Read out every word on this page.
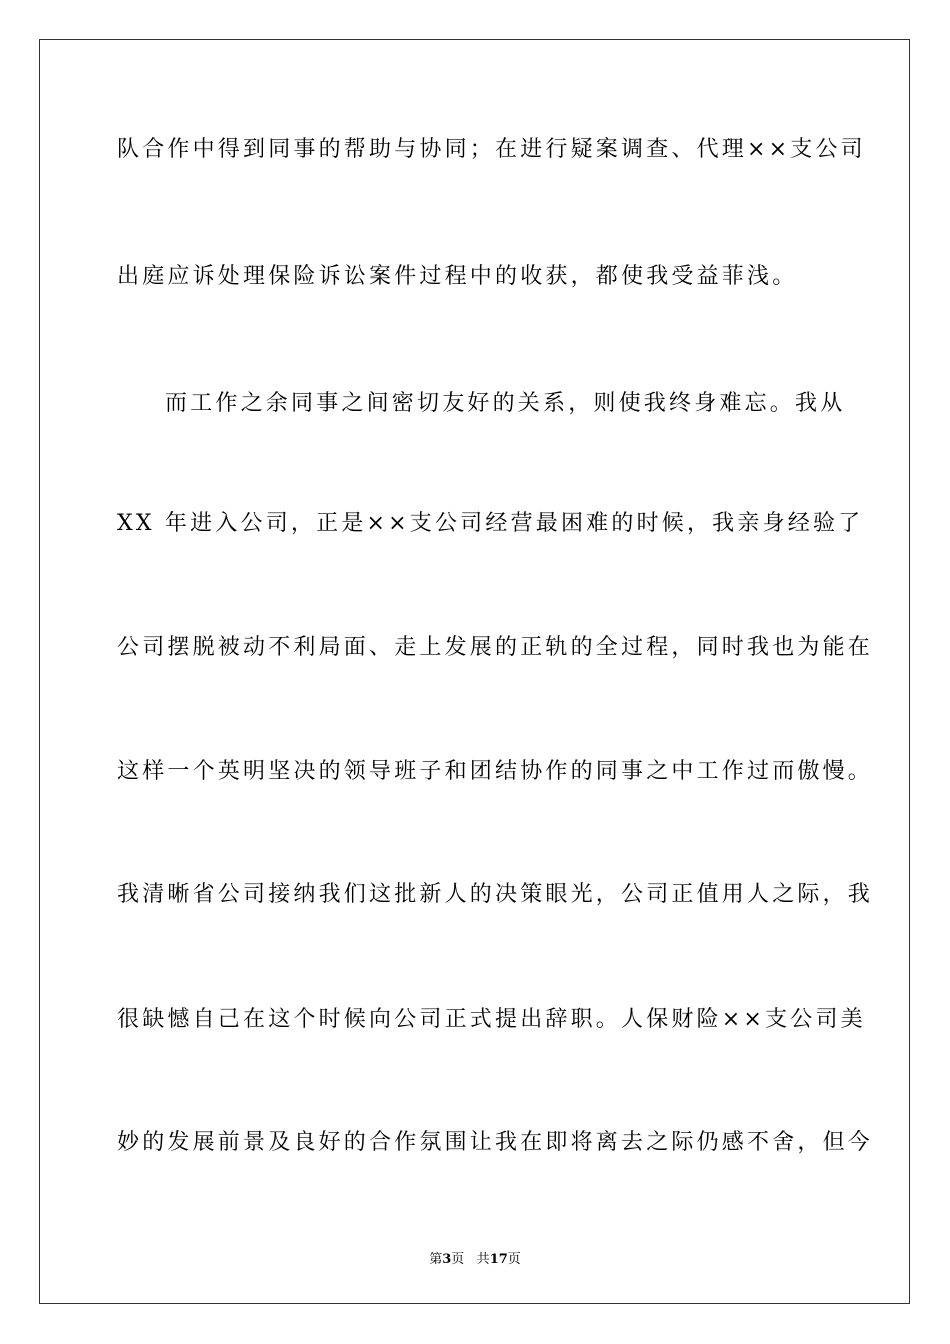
队合作中得到同事的帮助与协同；在进行疑案调查、代理××支公司
出庭应诉处理保险诉讼案件过程中的收获，都使我受益菲浅。
而工作之余同事之间密切友好的关系，则使我终身难忘。我从
XX 年进入公司，正是××支公司经营最困难的时候，我亲身经验了
公司摆脱被动不利局面、走上发展的正轨的全过程，同时我也为能在
这样一个英明坚决的领导班子和团结协作的同事之中工作过而傲慢。
我清晰省公司接纳我们这批新人的决策眼光，公司正值用人之际，我
很缺憾自己在这个时候向公司正式提出辞职。人保财险××支公司美
妙的发展前景及良好的合作氛围让我在即将离去之际仍感不舍，但今
第3页 共17页
